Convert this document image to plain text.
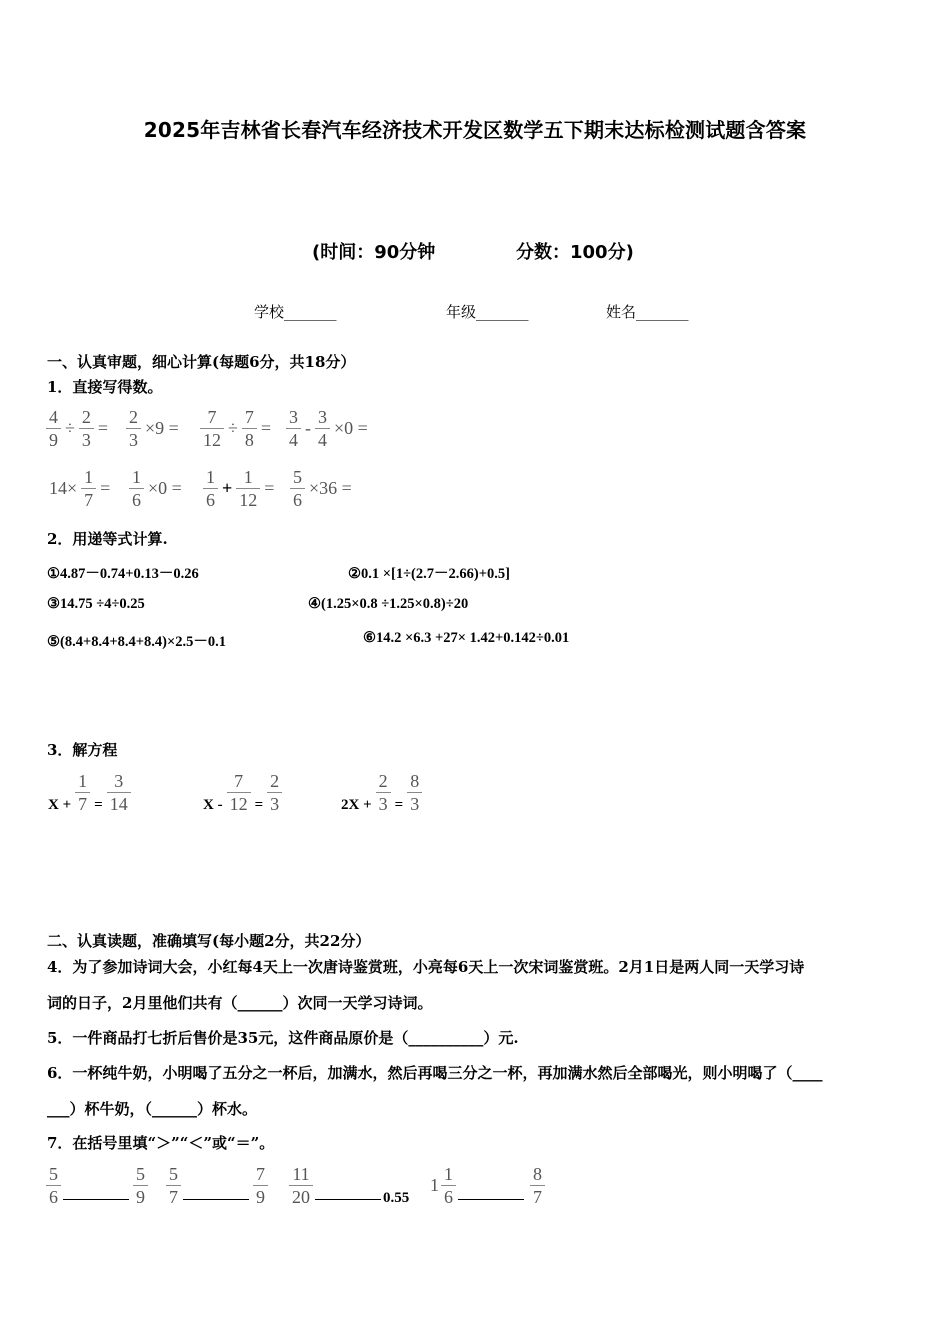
2025年吉林省长春汽车经济技术开发区数学五下期末达标检测试题含答案
(时间：90分钟	分数：100分)
学校_______	年级_______	姓名_______
一、认真审题，细心计算(每题6分，共18分）
1．直接写得数。
$\frac{4}{9} \div \frac{2}{3} = \frac{2}{3} \times 9 = \frac{7}{12} \div \frac{7}{8} = \frac{3}{4} - \frac{3}{4} \times 0$ =
$14\times \frac{1}{7} = \frac{1}{6} \times 0 = \frac{1}{6} + \frac{1}{12} = \frac{5}{6} \times 36$ =
2．用递等式计算.
①4.87－0.74+0.13－0.26	②0.1 ×[1÷(2.7－2.66)+0.5]
③14.75 ÷4÷0.25	④(1.25×0.8 ÷1.25×0.8)÷20
⑤(8.4+8.4+8.4+8.4)×2.5－0.1	⑥14.2 ×6.3 +27× 1.42+0.142÷0.01
3．解方程
$X + \frac{1}{7} = \frac{3}{14}$	$X - \frac{7}{12} = \frac{2}{3}$	$2X + \frac{2}{3} = \frac{8}{3}$
二、认真读题，准确填写(每小题2分，共22分）
4．为了参加诗词大会，小红每4天上一次唐诗鉴赏班，小亮每6天上一次宋词鉴赏班。2月1日是两人同一天学习诗
词的日子，2月里他们共有（______）次同一天学习诗词。
5．一件商品打七折后售价是35元，这件商品原价是（__________）元.
6．一杯纯牛奶，小明喝了五分之一杯后，加满水，然后再喝三分之一杯，再加满水然后全部喝光，则小明喝了（____
___）杯牛奶，（______）杯水。
7．在括号里填“＞”“＜”或“＝”。
$\frac{5}{6}$	$\frac{5}{9} \frac{5}{7}$	$\frac{7}{9} \frac{11}{20}$	0.55
$1 \frac{1}{6}$	$\frac{8}{7}$
